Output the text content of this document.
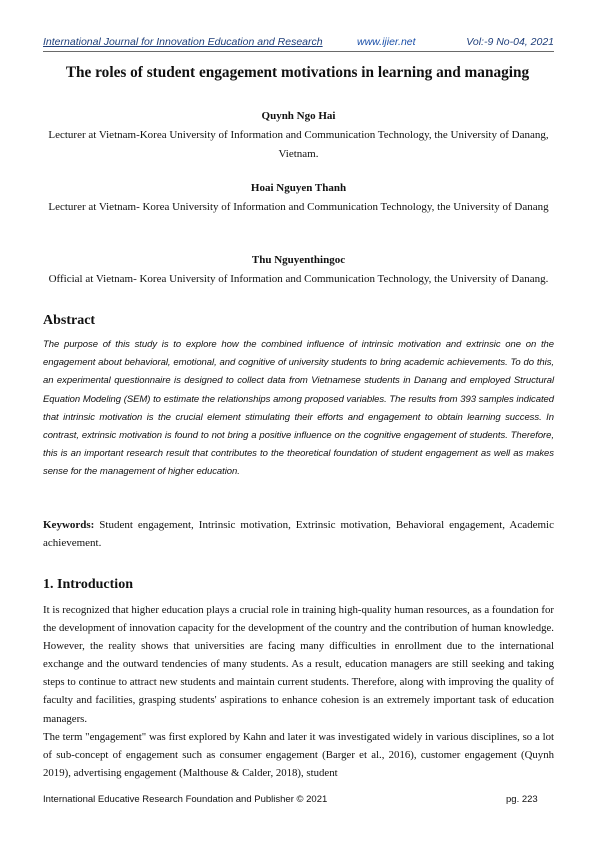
International Journal for Innovation Education and Research	www.ijier.net	Vol:-9 No-04, 2021
The roles of student engagement motivations in learning and managing
Quynh Ngo Hai
Lecturer at Vietnam-Korea University of Information and Communication Technology, the University of Danang, Vietnam.
Hoai Nguyen Thanh
Lecturer at Vietnam- Korea University of Information and Communication Technology, the University of Danang
Thu Nguyenthingoc
Official at Vietnam- Korea University of Information and Communication Technology, the University of Danang.
Abstract
The purpose of this study is to explore how the combined influence of intrinsic motivation and extrinsic one on the engagement about behavioral, emotional, and cognitive of university students to bring academic achievements. To do this, an experimental questionnaire is designed to collect data from Vietnamese students in Danang and employed Structural Equation Modeling (SEM) to estimate the relationships among proposed variables. The results from 393 samples indicated that intrinsic motivation is the crucial element stimulating their efforts and engagement to obtain learning success. In contrast, extrinsic motivation is found to not bring a positive influence on the cognitive engagement of students. Therefore, this is an important research result that contributes to the theoretical foundation of student engagement as well as makes sense for the management of higher education.
Keywords: Student engagement, Intrinsic motivation, Extrinsic motivation, Behavioral engagement, Academic achievement.
1. Introduction

It is recognized that higher education plays a crucial role in training high-quality human resources, as a foundation for the development of innovation capacity for the development of the country and the contribution of human knowledge. However, the reality shows that universities are facing many difficulties in enrollment due to the international exchange and the outward tendencies of many students. As a result, education managers are still seeking and taking steps to continue to attract new students and maintain current students. Therefore, along with improving the quality of faculty and facilities, grasping students' aspirations to enhance cohesion is an extremely important task of education managers.

The term "engagement" was first explored by Kahn and later it was investigated widely in various disciplines, so a lot of sub-concept of engagement such as consumer engagement (Barger et al., 2016), customer engagement (Quynh 2019), advertising engagement (Malthouse & Calder, 2018), student

International Educative Research Foundation and Publisher © 2021	pg. 223
